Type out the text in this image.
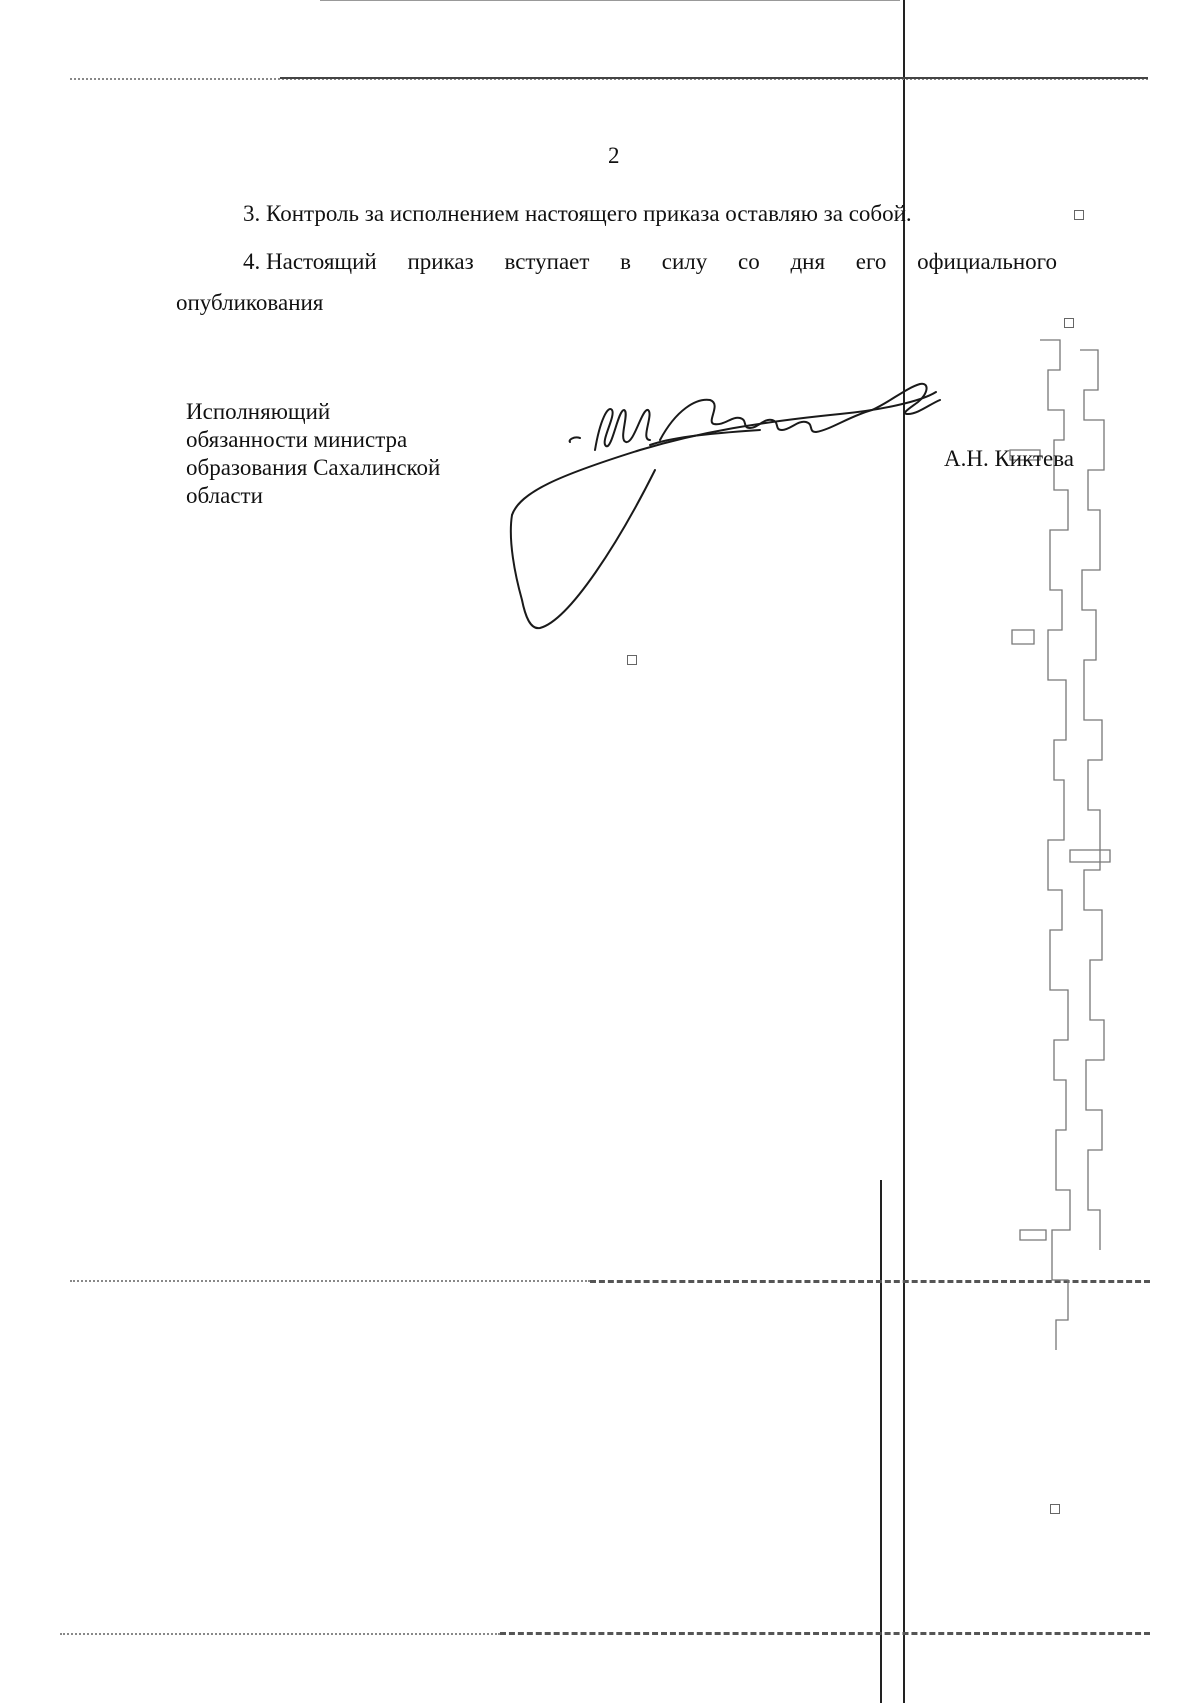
2
3. Контроль за исполнением настоящего приказа оставляю за собой.
4. Настоящий приказ вступает в силу со дня его официального
опубликования
Исполняющий
обязанности министра
образования Сахалинской
области
А.Н. Киктева
